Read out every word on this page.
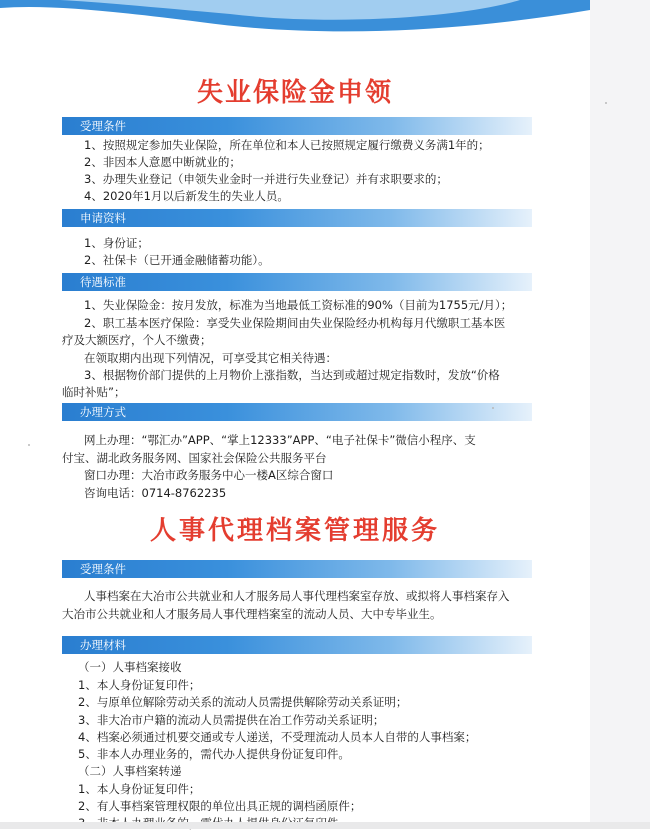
失业保险金申领
受理条件
1、按照规定参加失业保险，所在单位和本人已按照规定履行缴费义务满1年的；
2、非因本人意愿中断就业的；
3、办理失业登记（申领失业金时一并进行失业登记）并有求职要求的；
4、2020年1月以后新发生的失业人员。
申请资料
1、身份证；
2、社保卡（已开通金融储蓄功能）。
待遇标准
1、失业保险金：按月发放，标准为当地最低工资标准的90%（目前为1755元/月）；
2、职工基本医疗保险：享受失业保险期间由失业保险经办机构每月代缴职工基本医
疗及大额医疗，个人不缴费；
在领取期内出现下列情况，可享受其它相关待遇：
3、根据物价部门提供的上月物价上涨指数，当达到或超过规定指数时，发放“价格
临时补贴”；
办理方式
网上办理：“鄂汇办”APP、“掌上12333”APP、“电子社保卡”微信小程序、支
付宝、湖北政务服务网、国家社会保险公共服务平台
窗口办理：大冶市政务服务中心一楼A区综合窗口
咨询电话：0714-8762235
人事代理档案管理服务
受理条件
人事档案在大冶市公共就业和人才服务局人事代理档案室存放、或拟将人事档案存入
大冶市公共就业和人才服务局人事代理档案室的流动人员、大中专毕业生。
办理材料
（一）人事档案接收
1、本人身份证复印件；
2、与原单位解除劳动关系的流动人员需提供解除劳动关系证明；
3、非大冶市户籍的流动人员需提供在冶工作劳动关系证明；
4、档案必须通过机要交通或专人递送，不受理流动人员本人自带的人事档案；
5、非本人办理业务的，需代办人提供身份证复印件。
（二）人事档案转递
1、本人身份证复印件；
2、有人事档案管理权限的单位出具正规的调档函原件；
